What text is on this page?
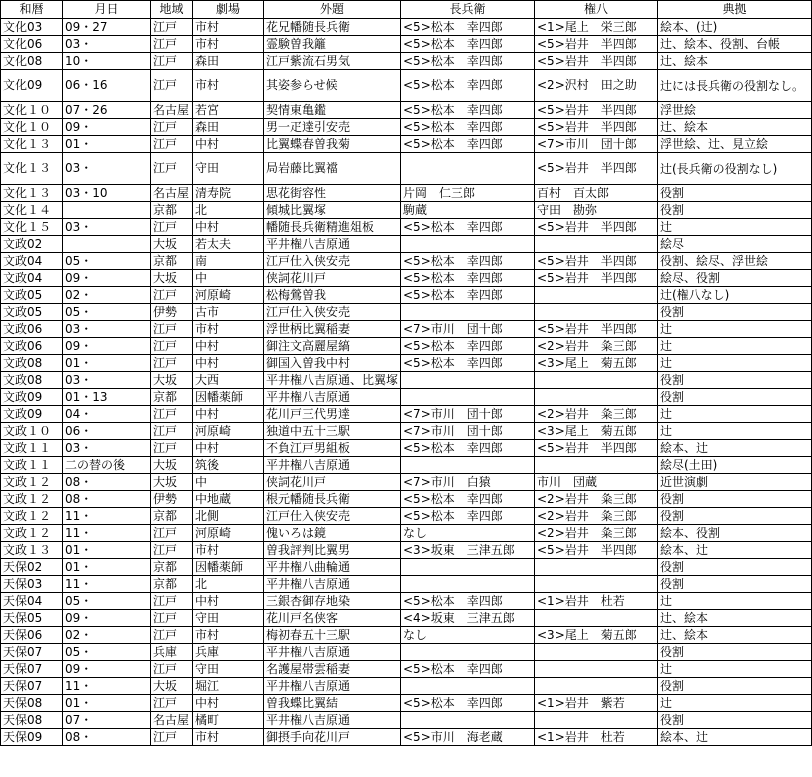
和暦	月日	地域	劇場	外題	長兵衛	権八	典拠
文化03	09・27	江戸	市村	花兄幡随長兵衛	<5>松本　幸四郎	<1>尾上　栄三郎	絵本、(辻)
文化06	03・	江戸	市村	霊験曽我籬	<5>松本　幸四郎	<5>岩井　半四郎	辻、絵本、役割、台帳
文化08	10・	江戸	森田	江戸紫流石男気	<5>松本　幸四郎	<5>岩井　半四郎	辻、絵本
文化09	06・16	江戸	市村	其姿参らせ候	<5>松本　幸四郎	<2>沢村　田之助	辻には長兵衛の役割なし。
文化１０	07・26	名古屋	若宮	契情東亀鑑	<5>松本　幸四郎	<5>岩井　半四郎	浮世絵
文化１０	09・	江戸	森田	男一疋達引安売	<5>松本　幸四郎	<5>岩井　半四郎	辻、絵本
文化１３	01・	江戸	中村	比翼蝶春曽我菊	<5>松本　幸四郎	<7>市川　団十郎	浮世絵、辻、見立絵
文化１３	03・	江戸	守田	局岩藤比翼襠		<5>岩井　半四郎	辻(長兵衛の役割なし)
文化１３	03・10	名古屋	清寿院	思花街容性	片岡　仁三郎	百村　百太郎	役割
文化１４		京都	北	傾城比翼塚	駒蔵	守田　勘弥	役割
文化１５	03・	江戸	中村	幡随長兵衛精進俎板	<5>松本　幸四郎	<5>岩井　半四郎	辻
文政02		大坂	若太夫	平井権八吉原通			絵尽
文政04	05・	京都	南	江戸仕入侠安売	<5>松本　幸四郎	<5>岩井　半四郎	役割、絵尽、浮世絵
文政04	09・	大坂	中	侠詞花川戸	<5>松本　幸四郎	<5>岩井　半四郎	絵尽、役割
文政05	02・	江戸	河原崎	松梅鶯曽我	<5>松本　幸四郎		辻(権八なし)
文政05	05・	伊勢	古市	江戸仕入侠安売			役割
文政06	03・	江戸	市村	浮世柄比翼稲妻	<7>市川　団十郎	<5>岩井　半四郎	辻
文政06	09・	江戸	中村	御注文高麗屋縞	<5>松本　幸四郎	<2>岩井　粂三郎	辻
文政08	01・	江戸	中村	御国入曽我中村	<5>松本　幸四郎	<3>尾上　菊五郎	辻
文政08	03・	大坂	大西	平井権八吉原通、比翼塚			役割
文政09	01・13	京都	因幡薬師	平井権八吉原通			役割
文政09	04・	江戸	中村	花川戸三代男達	<7>市川　団十郎	<2>岩井　粂三郎	辻
文政１０	06・	江戸	河原崎	独道中五十三駅	<7>市川　団十郎	<3>尾上　菊五郎	辻
文政１１	03・	江戸	中村	不負江戸男組板	<5>松本　幸四郎	<5>岩井　半四郎	絵本、辻
文政１１	二の替の後	大坂	筑後	平井権八吉原通			絵尽(土田)
文政１２	08・	大坂	中	侠詞花川戸	<7>市川　白猿	市川　団蔵	近世演劇
文政１２	08・	伊勢	中地蔵	根元幡随長兵衛	<5>松本　幸四郎	<2>岩井　粂三郎	役割
文政１２	11・	京都	北側	江戸仕入侠安売	<5>松本　幸四郎	<2>岩井　粂三郎	役割
文政１２	11・	江戸	河原崎	傀いろは鏡	なし	<2>岩井　粂三郎	絵本、役割
文政１３	01・	江戸	市村	曽我評判比翼男	<3>坂東　三津五郎	<5>岩井　半四郎	絵本、辻
天保02	01・	京都	因幡薬師	平井権八曲輪通			役割
天保03	11・	京都	北	平井権八吉原通			役割
天保04	05・	江戸	中村	三銀杏御存地染	<5>松本　幸四郎	<1>岩井　杜若	辻
天保05	09・	江戸	守田	花川戸名侠客	<4>坂東　三津五郎		辻、絵本
天保06	02・	江戸	市村	梅初春五十三駅	なし	<3>尾上　菊五郎	辻、絵本
天保07	05・	兵庫	兵庫	平井権八吉原通			役割
天保07	09・	江戸	守田	名護屋帯雲稲妻	<5>松本　幸四郎		辻
天保07	11・	大坂	堀江	平井権八吉原通			役割
天保08	01・	江戸	中村	曽我蝶比翼結	<5>松本　幸四郎	<1>岩井　紫若	辻
天保08	07・	名古屋	橘町	平井権八吉原通			役割
天保09	08・	江戸	市村	御摂手向花川戸	<5>市川　海老蔵	<1>岩井　杜若	絵本、辻
